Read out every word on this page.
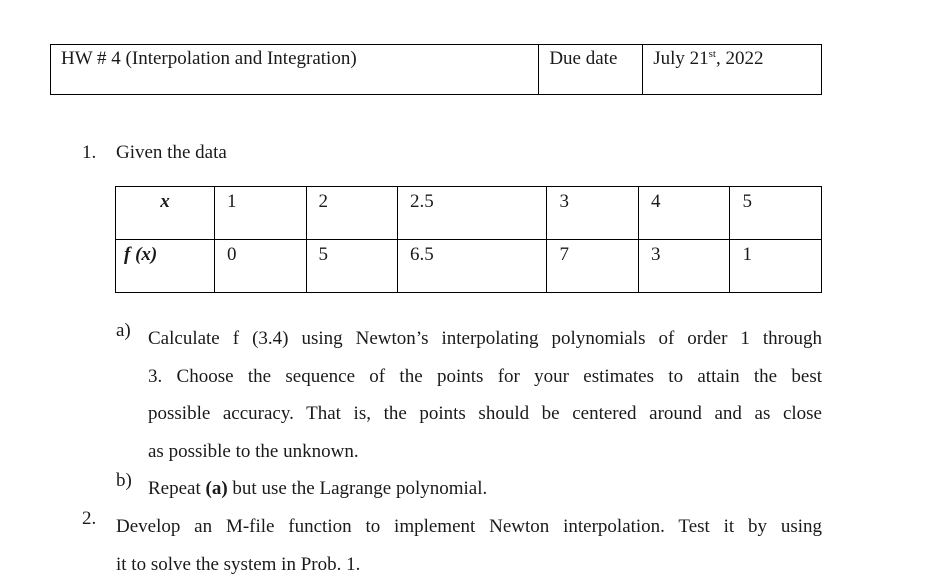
HW # 4 (Interpolation and Integration)	Due date	July 21st, 2022
1. Given the data
x	1	2	2.5	3	4	5
f (x)	0	5	6.5	7	3	1
a) Calculate f (3.4) using Newton’s interpolating polynomials of order 1 through
3. Choose the sequence of the points for your estimates to attain the best
possible accuracy. That is, the points should be centered around and as close
as possible to the unknown.
b) Repeat (a) but use the Lagrange polynomial.
2. Develop an M-file function to implement Newton interpolation. Test it by using
it to solve the system in Prob. 1.
